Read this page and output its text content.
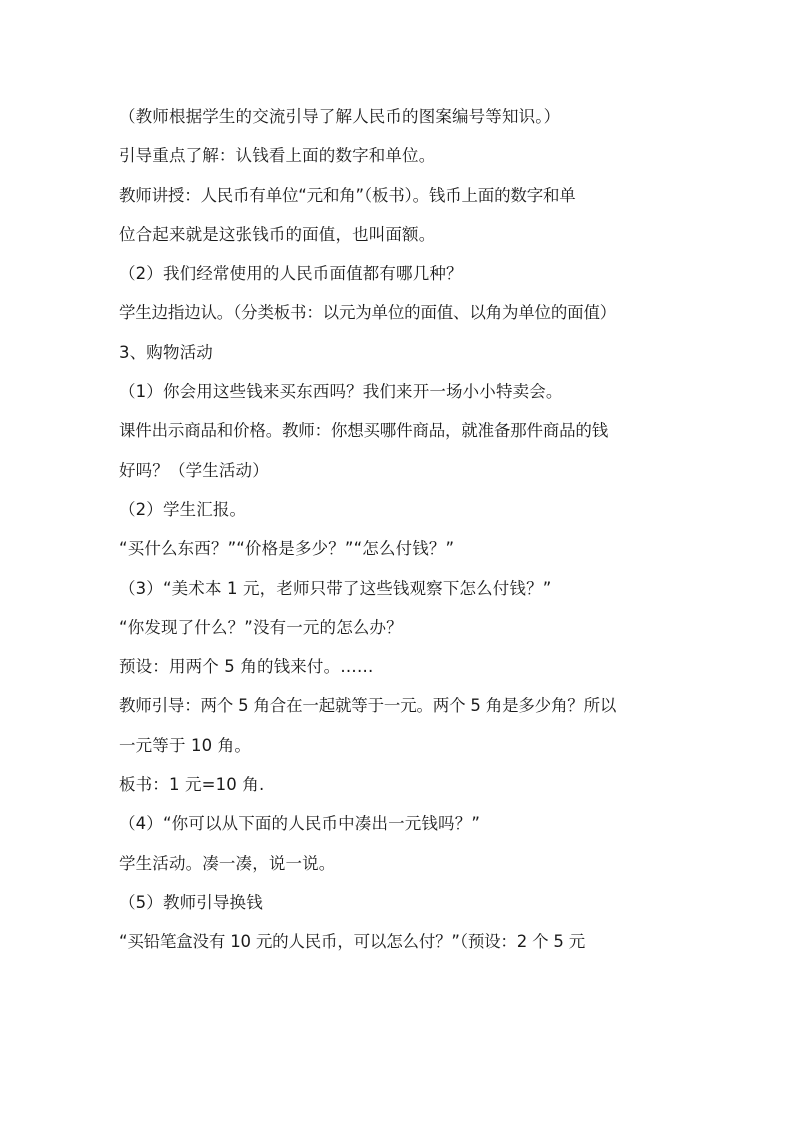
（教师根据学生的交流引导了解人民币的图案编号等知识。）
引导重点了解：认钱看上面的数字和单位。
教师讲授：人民币有单位“元和角”（板书）。钱币上面的数字和单
位合起来就是这张钱币的面值，也叫面额。
（2）我们经常使用的人民币面值都有哪几种？
学生边指边认。（分类板书：以元为单位的面值、以角为单位的面值）
3、购物活动
（1）你会用这些钱来买东西吗？我们来开一场小小特卖会。
课件出示商品和价格。教师：你想买哪件商品，就准备那件商品的钱
好吗？（学生活动）
（2）学生汇报。
“买什么东西？”“价格是多少？”“怎么付钱？”
（3）“美术本 1 元，老师只带了这些钱观察下怎么付钱？”
“你发现了什么？”没有一元的怎么办？
预设：用两个 5 角的钱来付。……
教师引导：两个 5 角合在一起就等于一元。两个 5 角是多少角？所以
一元等于 10 角。
板书：1 元=10 角.
（4）“你可以从下面的人民币中凑出一元钱吗？”
学生活动。凑一凑，说一说。
（5）教师引导换钱
“买铅笔盒没有 10 元的人民币，可以怎么付？”（预设：2 个 5 元
